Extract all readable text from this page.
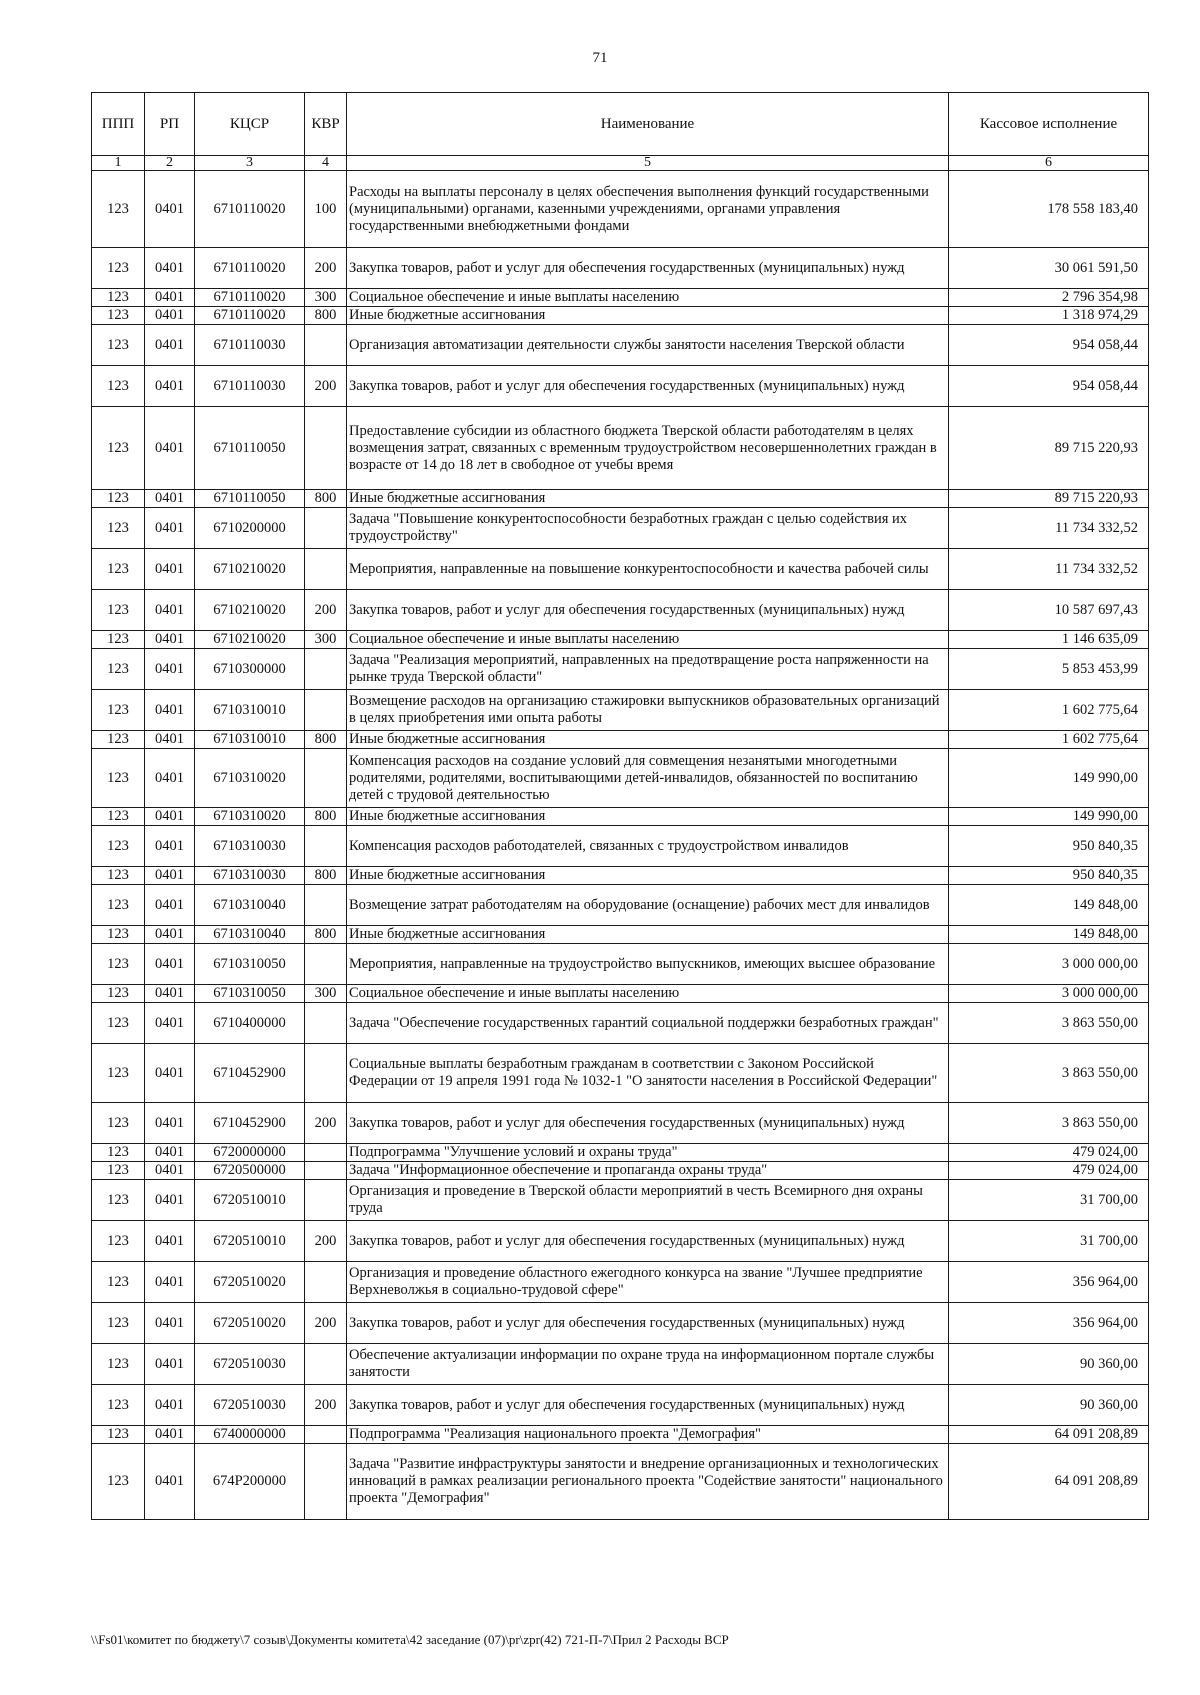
71
ППП	РП	КЦСР	КВР	Наименование	Кассовое исполнение
1	2	3	4	5	6
123	0401	6710110020	100	Расходы на выплаты персоналу в целях обеспечения выполнения функций государственными (муниципальными) органами, казенными учреждениями, органами управления государственными внебюджетными фондами	178 558 183,40
123	0401	6710110020	200	Закупка товаров, работ и услуг для обеспечения государственных (муниципальных) нужд	30 061 591,50
123	0401	6710110020	300	Социальное обеспечение и иные выплаты населению	2 796 354,98
123	0401	6710110020	800	Иные бюджетные ассигнования	1 318 974,29
123	0401	6710110030		Организация автоматизации деятельности службы занятости населения Тверской области	954 058,44
123	0401	6710110030	200	Закупка товаров, работ и услуг для обеспечения государственных (муниципальных) нужд	954 058,44
123	0401	6710110050		Предоставление субсидии из областного бюджета Тверской области работодателям в целях возмещения затрат, связанных с временным трудоустройством несовершеннолетних граждан в возрасте от 14 до 18 лет в свободное от учебы время	89 715 220,93
123	0401	6710110050	800	Иные бюджетные ассигнования	89 715 220,93
123	0401	6710200000		Задача "Повышение конкурентоспособности безработных граждан с целью содействия их трудоустройству"	11 734 332,52
123	0401	6710210020		Мероприятия, направленные на повышение конкурентоспособности и качества рабочей силы	11 734 332,52
123	0401	6710210020	200	Закупка товаров, работ и услуг для обеспечения государственных (муниципальных) нужд	10 587 697,43
123	0401	6710210020	300	Социальное обеспечение и иные выплаты населению	1 146 635,09
123	0401	6710300000		Задача "Реализация мероприятий, направленных на предотвращение роста напряженности на рынке труда Тверской области"	5 853 453,99
123	0401	6710310010		Возмещение расходов на организацию стажировки выпускников образовательных организаций в целях приобретения ими опыта работы	1 602 775,64
123	0401	6710310010	800	Иные бюджетные ассигнования	1 602 775,64
123	0401	6710310020		Компенсация расходов на создание условий для совмещения незанятыми многодетными родителями, родителями, воспитывающими детей-инвалидов, обязанностей по воспитанию детей с трудовой деятельностью	149 990,00
123	0401	6710310020	800	Иные бюджетные ассигнования	149 990,00
123	0401	6710310030		Компенсация расходов работодателей, связанных с трудоустройством инвалидов	950 840,35
123	0401	6710310030	800	Иные бюджетные ассигнования	950 840,35
123	0401	6710310040		Возмещение затрат работодателям на оборудование (оснащение) рабочих мест для инвалидов	149 848,00
123	0401	6710310040	800	Иные бюджетные ассигнования	149 848,00
123	0401	6710310050		Мероприятия, направленные на трудоустройство выпускников, имеющих высшее образование	3 000 000,00
123	0401	6710310050	300	Социальное обеспечение и иные выплаты населению	3 000 000,00
123	0401	6710400000		Задача "Обеспечение государственных гарантий социальной поддержки безработных граждан"	3 863 550,00
123	0401	6710452900		Социальные выплаты безработным гражданам в соответствии с Законом Российской Федерации от 19 апреля 1991 года № 1032-1 "О занятости населения в Российской Федерации"	3 863 550,00
123	0401	6710452900	200	Закупка товаров, работ и услуг для обеспечения государственных (муниципальных) нужд	3 863 550,00
123	0401	6720000000		Подпрограмма "Улучшение условий и охраны труда"	479 024,00
123	0401	6720500000		Задача "Информационное обеспечение и пропаганда охраны труда"	479 024,00
123	0401	6720510010		Организация и проведение в Тверской области мероприятий в честь Всемирного дня охраны труда	31 700,00
123	0401	6720510010	200	Закупка товаров, работ и услуг для обеспечения государственных (муниципальных) нужд	31 700,00
123	0401	6720510020		Организация и проведение областного ежегодного конкурса на звание "Лучшее предприятие Верхневолжья в социально-трудовой сфере"	356 964,00
123	0401	6720510020	200	Закупка товаров, работ и услуг для обеспечения государственных (муниципальных) нужд	356 964,00
123	0401	6720510030		Обеспечение актуализации информации по охране труда на информационном портале службы занятости	90 360,00
123	0401	6720510030	200	Закупка товаров, работ и услуг для обеспечения государственных (муниципальных) нужд	90 360,00
123	0401	6740000000		Подпрограмма "Реализация национального проекта "Демография"	64 091 208,89
123	0401	674P200000		Задача "Развитие инфраструктуры занятости и внедрение организационных и технологических инноваций в рамках реализации регионального проекта "Содействие занятости" национального проекта "Демография"	64 091 208,89
\\Fs01\комитет по бюджету\7 созыв\Документы комитета\42 заседание (07)\pr\zpr(42) 721-П-7\Прил 2 Расходы ВСР
